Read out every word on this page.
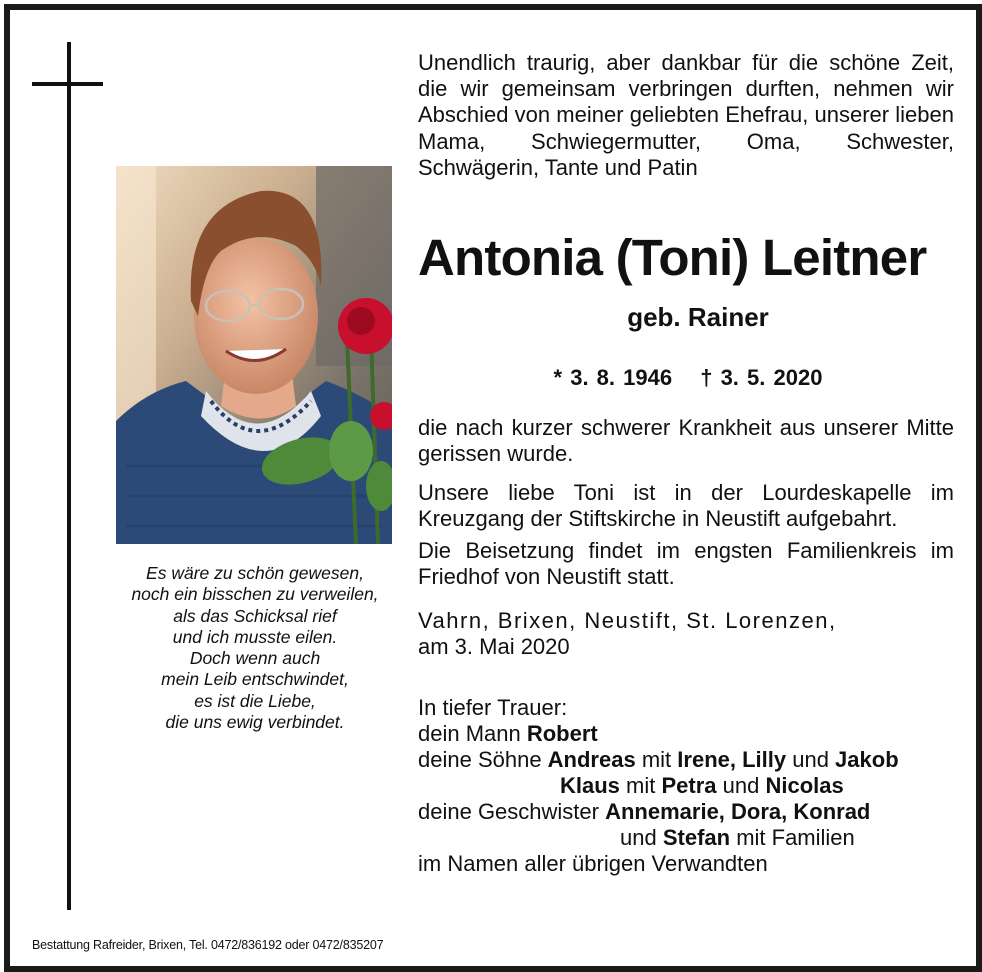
Es wäre zu schön gewesen,
noch ein bisschen zu verweilen,
als das Schicksal rief
und ich musste eilen.
Doch wenn auch
mein Leib entschwindet,
es ist die Liebe,
die uns ewig verbindet.
Unendlich traurig, aber dankbar für die schöne Zeit, die wir gemeinsam verbringen durften, nehmen wir Abschied von meiner geliebten Ehefrau, unserer lieben Mama, Schwiegermutter, Oma, Schwester, Schwägerin, Tante und Patin
Antonia (Toni) Leitner
geb. Rainer
* 3. 8. 1946 † 3. 5. 2020
die nach kurzer schwerer Krankheit aus unserer Mitte gerissen wurde.
Unsere liebe Toni ist in der Lourdeskapelle im Kreuzgang der Stiftskirche in Neustift aufgebahrt.
Die Beisetzung findet im engsten Familienkreis im Friedhof von Neustift statt.
Vahrn, Brixen, Neustift, St. Lorenzen,
am 3. Mai 2020
In tiefer Trauer:
dein Mann Robert
deine Söhne Andreas mit Irene, Lilly und Jakob
Klaus mit Petra und Nicolas
deine Geschwister Annemarie, Dora, Konrad
und Stefan mit Familien
im Namen aller übrigen Verwandten
Bestattung Rafreider, Brixen, Tel. 0472/836192 oder 0472/835207
